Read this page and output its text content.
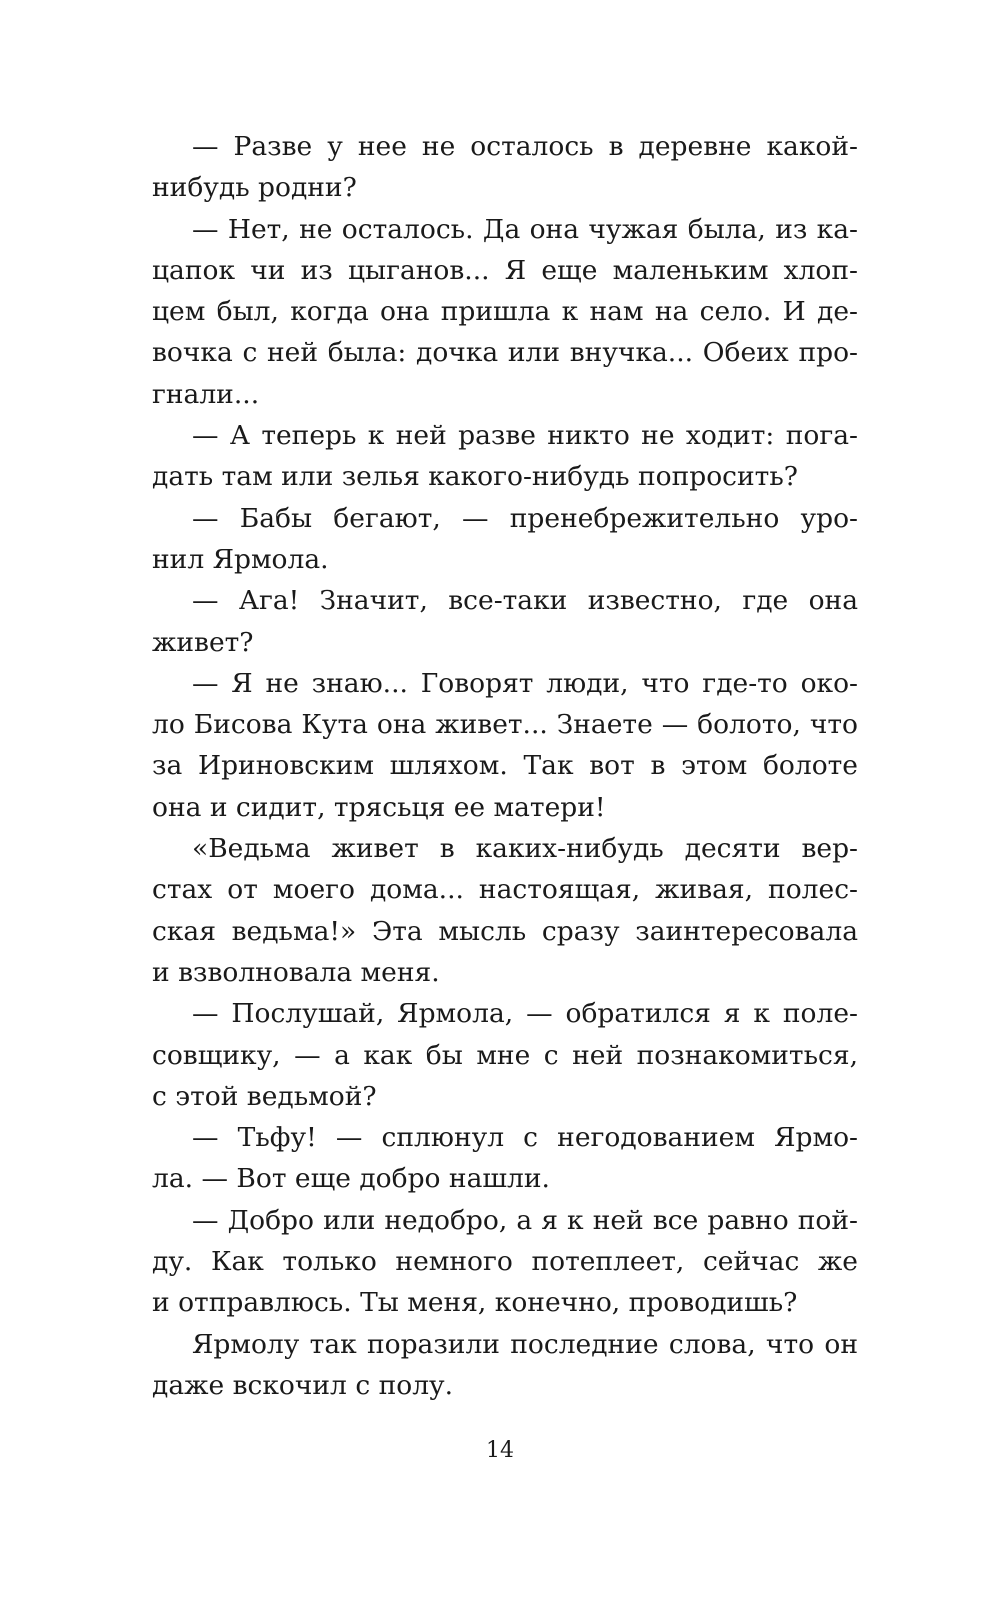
— Разве у нее не осталось в деревне какой-
нибудь родни?
— Нет, не осталось. Да она чужая была, из ка-
цапок чи из цыганов... Я еще маленьким хлоп-
цем был, когда она пришла к нам на село. И де-
вочка с ней была: дочка или внучка... Обеих про-
гнали...
— А теперь к ней разве никто не ходит: пога-
дать там или зелья какого-нибудь попросить?
— Бабы бегают, — пренебрежительно уро-
нил Ярмола.
— Ага! Значит, все-таки известно, где она
живет?
— Я не знаю... Говорят люди, что где-то око-
ло Бисова Кута она живет... Знаете — болото, что
за Ириновским шляхом. Так вот в этом болоте
она и сидит, трясьця ее матери!
«Ведьма живет в каких-нибудь десяти вер-
стах от моего дома... настоящая, живая, полес-
ская ведьма!» Эта мысль сразу заинтересовала
и взволновала меня.
— Послушай, Ярмола, — обратился я к поле-
совщику, — а как бы мне с ней познакомиться,
с этой ведьмой?
— Тьфу! — сплюнул с негодованием Ярмо-
ла. — Вот еще добро нашли.
— Добро или недобро, а я к ней все равно пой-
ду. Как только немного потеплеет, сейчас же
и отправлюсь. Ты меня, конечно, проводишь?
Ярмолу так поразили последние слова, что он
даже вскочил с полу.
14
